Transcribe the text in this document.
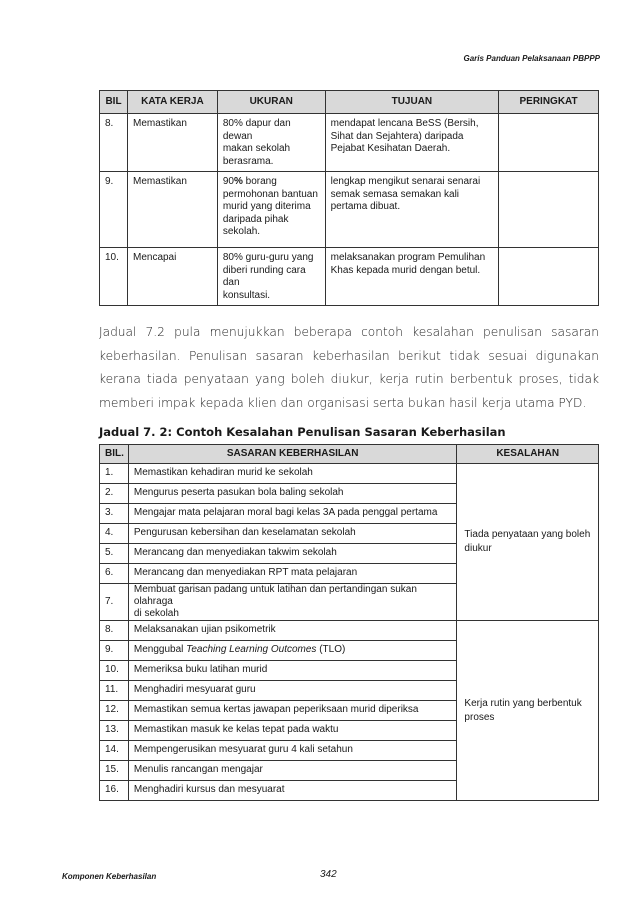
Garis Panduan Pelaksanaan PBPPP
BIL	KATA KERJA	UKURAN	TUJUAN	PERINGKAT
8.	Memastikan	80% dapur dan dewan
makan sekolah
berasrama.	mendapat lencana BeSS (Bersih,
Sihat dan Sejahtera) daripada
Pejabat Kesihatan Daerah.	
9.	Memastikan	90% borang
permohonan bantuan
murid yang diterima
daripada pihak
sekolah.	lengkap mengikut senarai senarai
semak semasa semakan kali
pertama dibuat.	
10.	Mencapai	80% guru-guru yang
diberi runding cara dan
konsultasi.	melaksanakan program Pemulihan
Khas kepada murid dengan betul.	
Jadual 7.2 pula menujukkan beberapa contoh kesalahan penulisan sasaran keberhasilan. Penulisan sasaran keberhasilan berikut tidak sesuai digunakan kerana tiada penyataan yang boleh diukur, kerja rutin berbentuk proses, tidak memberi impak kepada klien dan organisasi serta bukan hasil kerja utama PYD.
Jadual 7. 2: Contoh Kesalahan Penulisan Sasaran Keberhasilan
BIL.	SASARAN KEBERHASILAN	KESALAHAN
1.	Memastikan kehadiran murid ke sekolah	Tiada penyataan yang boleh
diukur
2.	Mengurus peserta pasukan bola baling sekolah	
3.	Mengajar mata pelajaran moral bagi kelas 3A pada penggal pertama	
4.	Pengurusan kebersihan dan keselamatan sekolah	
5.	Merancang dan menyediakan takwim sekolah	
6.	Merancang dan menyediakan RPT mata pelajaran	
7.	Membuat garisan padang untuk latihan dan pertandingan sukan olahraga
di sekolah	
8.	Melaksanakan ujian psikometrik	Kerja rutin yang berbentuk
proses
9.	Menggubal Teaching Learning Outcomes (TLO)	
10.	Memeriksa buku latihan murid	
11.	Menghadiri mesyuarat guru	
12.	Memastikan semua kertas jawapan peperiksaan murid diperiksa	
13.	Memastikan masuk ke kelas tepat pada waktu	
14.	Mempengerusikan mesyuarat guru 4 kali setahun	
15.	Menulis rancangan mengajar	
16.	Menghadiri kursus dan mesyuarat	
Komponen Keberhasilan	342
